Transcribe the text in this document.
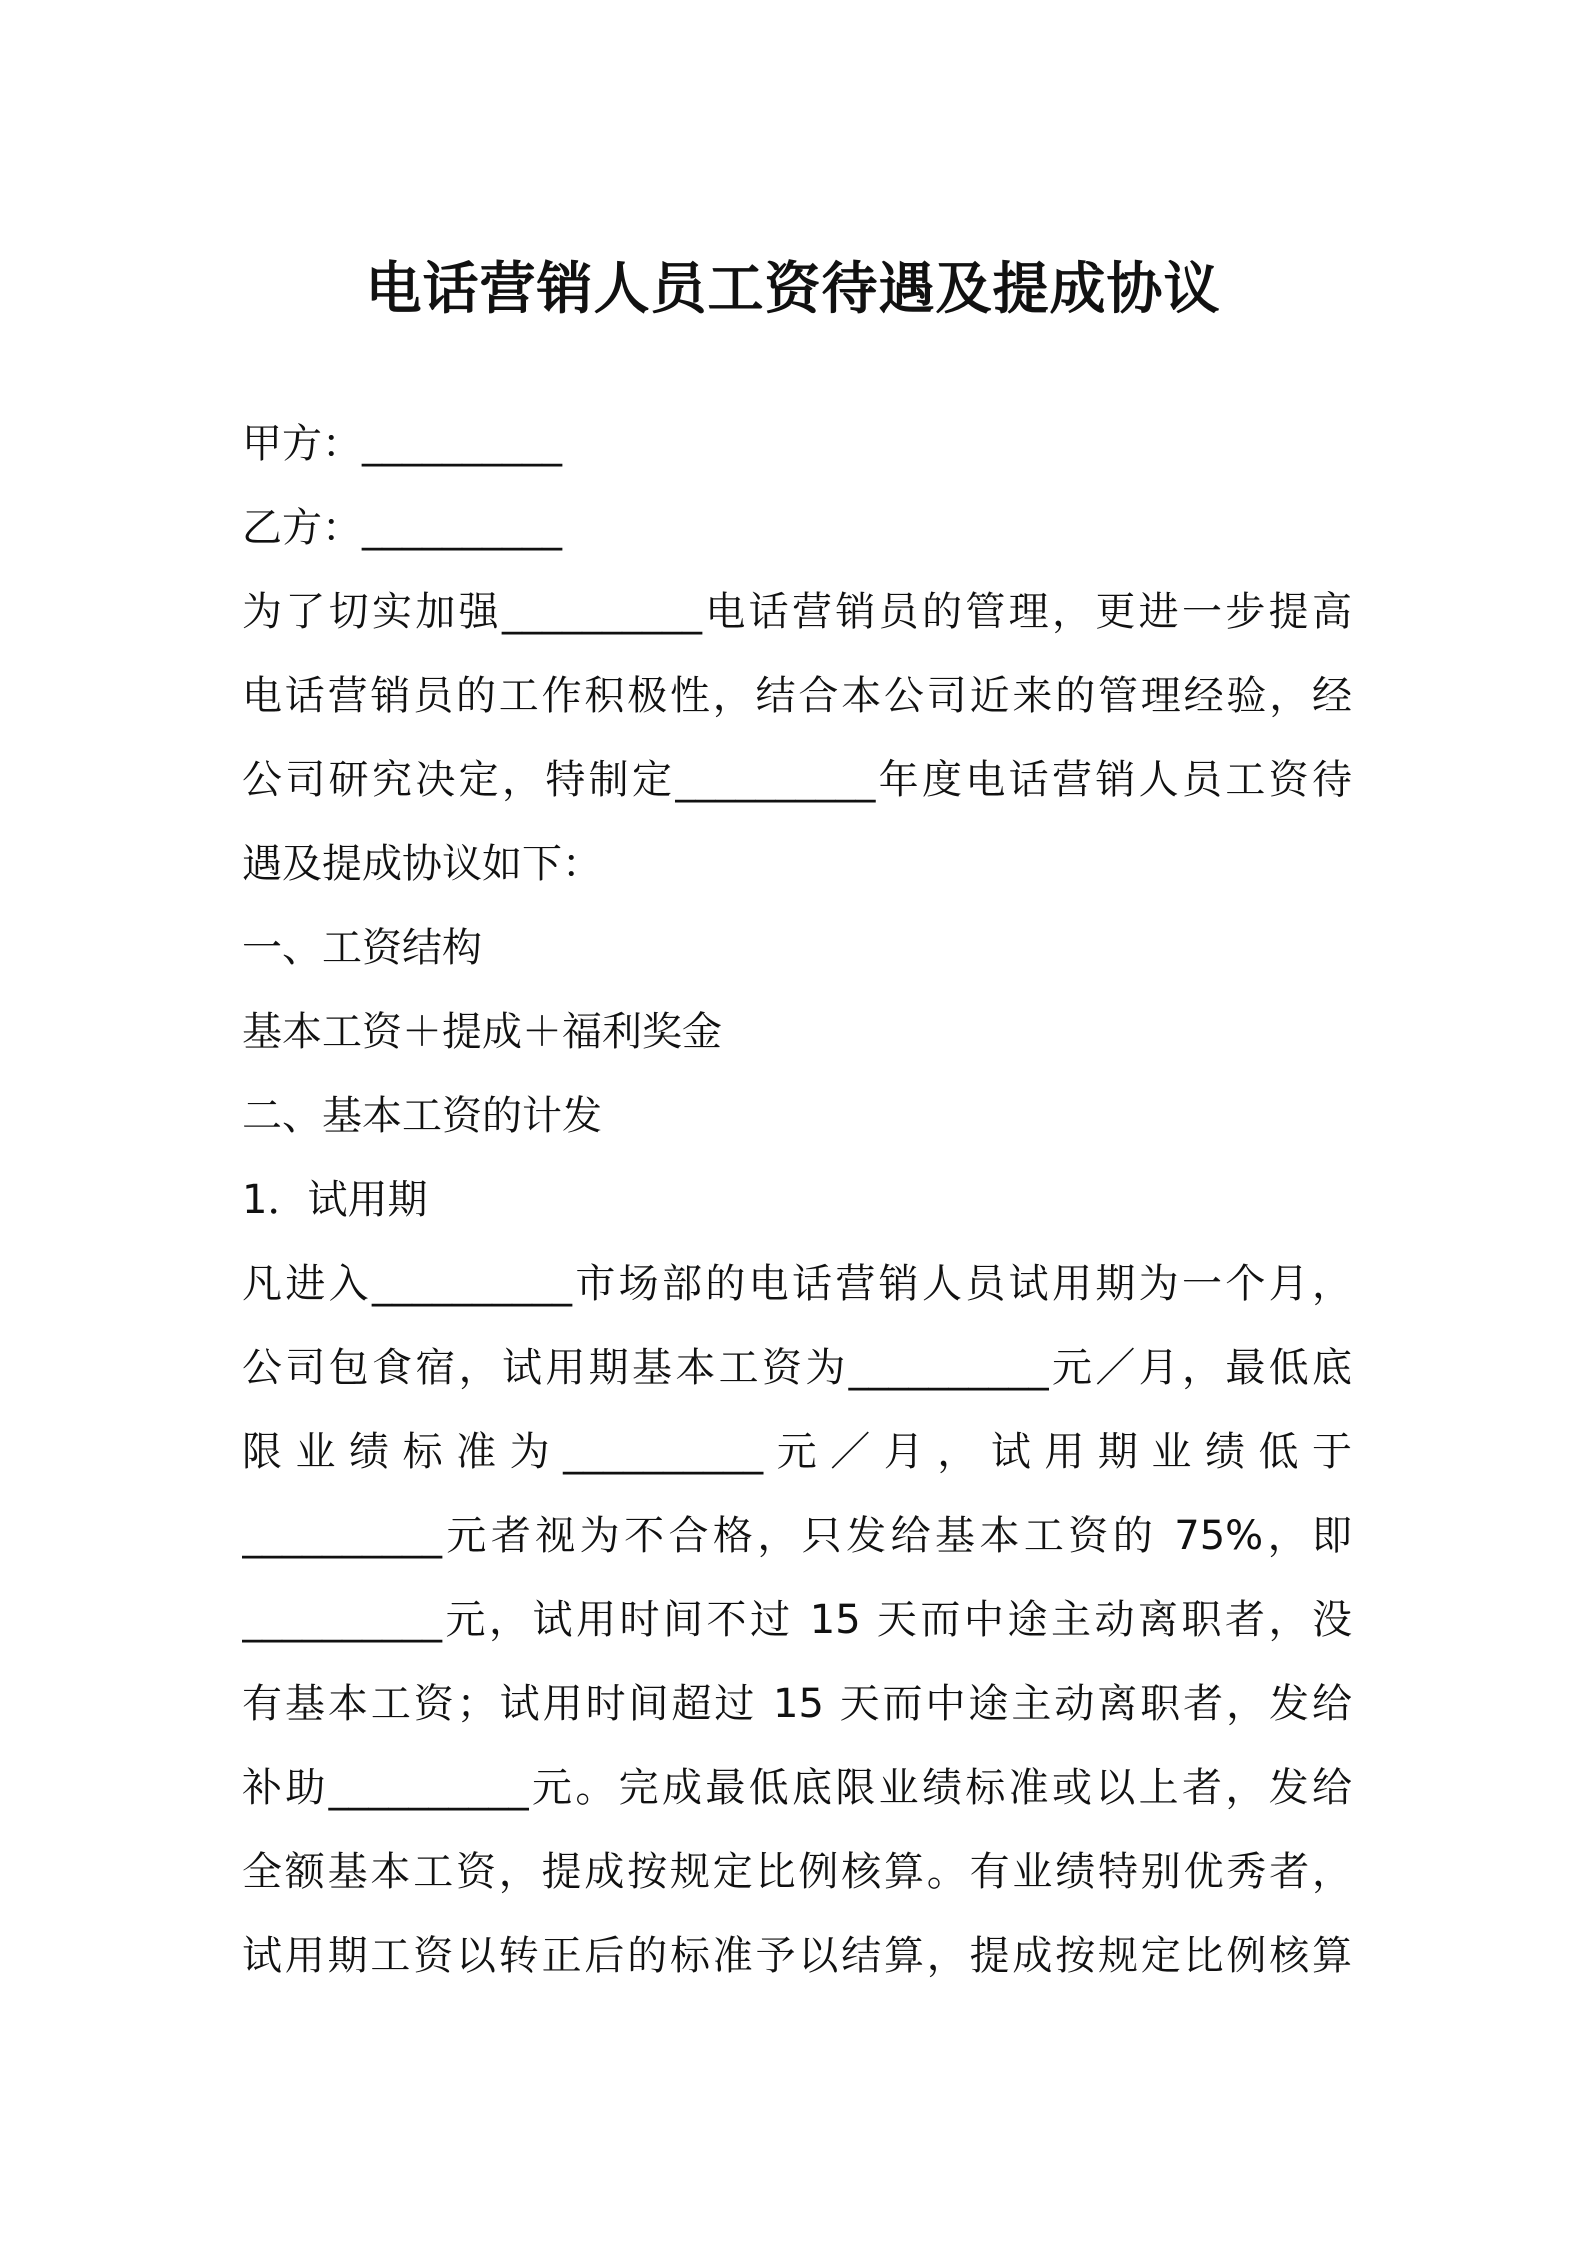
电话营销人员工资待遇及提成协议
甲方：__________
乙方：__________
为了切实加强__________电话营销员的管理，更进一步提高
电话营销员的工作积极性，结合本公司近来的管理经验，经
公司研究决定，特制定__________年度电话营销人员工资待
遇及提成协议如下：
一、工资结构
基本工资＋提成＋福利奖金
二、基本工资的计发
1．试用期
凡进入__________市场部的电话营销人员试用期为一个月，
公司包食宿，试用期基本工资为__________元／月，最低底
限业绩标准为__________元／月，试用期业绩低于
__________元者视为不合格，只发给基本工资的 75%，即
__________元，试用时间不过 15 天而中途主动离职者，没
有基本工资；试用时间超过 15 天而中途主动离职者，发给
补助__________元。完成最低底限业绩标准或以上者，发给
全额基本工资，提成按规定比例核算。有业绩特别优秀者，
试用期工资以转正后的标准予以结算，提成按规定比例核算
